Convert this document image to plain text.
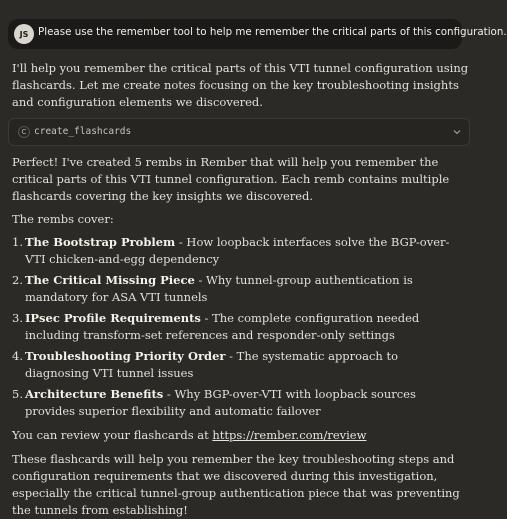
JS Please use the remember tool to help me remember the critical parts of this configuration.
I'll help you remember the critical parts of this VTI tunnel configuration using flashcards. Let me create notes focusing on the key troubleshooting insights and configuration elements we discovered.
C create_flashcards
Perfect! I've created 5 rembs in Rember that will help you remember the critical parts of this VTI tunnel configuration. Each remb contains multiple flashcards covering the key insights we discovered.
The rembs cover:
1. The Bootstrap Problem - How loopback interfaces solve the BGP-over-VTI chicken-and-egg dependency
2. The Critical Missing Piece - Why tunnel-group authentication is mandatory for ASA VTI tunnels
3. IPsec Profile Requirements - The complete configuration needed including transform-set references and responder-only settings
4. Troubleshooting Priority Order - The systematic approach to diagnosing VTI tunnel issues
5. Architecture Benefits - Why BGP-over-VTI with loopback sources provides superior flexibility and automatic failover
You can review your flashcards at https://rember.com/review
These flashcards will help you remember the key troubleshooting steps and configuration requirements that we discovered during this investigation, especially the critical tunnel-group authentication piece that was preventing the tunnels from establishing!
